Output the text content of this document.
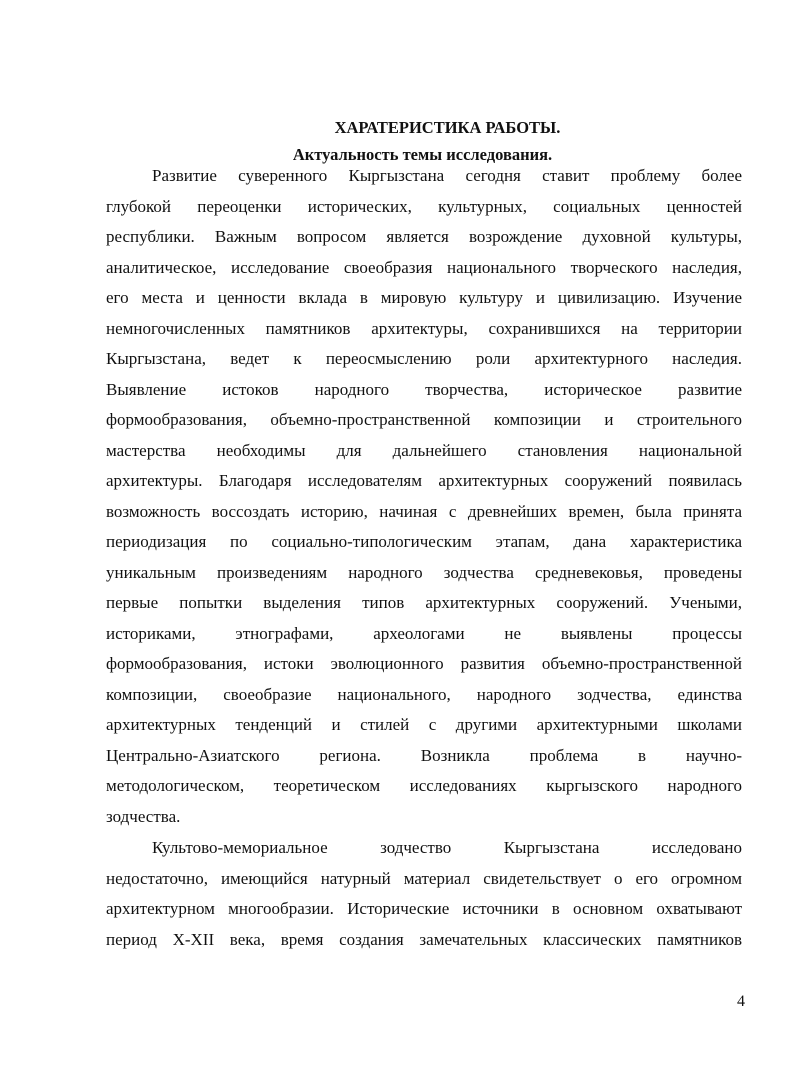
ХАРАТЕРИСТИКА РАБОТЫ.
Актуальность темы исследования.
Развитие суверенного Кыргызстана сегодня ставит проблему более
глубокой переоценки исторических, культурных, социальных ценностей
республики. Важным вопросом является возрождение духовной культуры,
аналитическое, исследование своеобразия национального творческого наследия,
его места и ценности вклада в мировую культуру и цивилизацию. Изучение
немногочисленных памятников архитектуры, сохранившихся на территории
Кыргызстана, ведет к переосмыслению роли архитектурного наследия.
Выявление истоков народного творчества, историческое развитие
формообразования, объемно-пространственной композиции и строительного
мастерства необходимы для дальнейшего становления национальной
архитектуры. Благодаря исследователям архитектурных сооружений появилась
возможность воссоздать историю, начиная с древнейших времен, была принята
периодизация по социально-типологическим этапам, дана характеристика
уникальным произведениям народного зодчества средневековья, проведены
первые попытки выделения типов архитектурных сооружений. Учеными,
историками, этнографами, археологами не выявлены процессы
формообразования, истоки эволюционного развития объемно-пространственной
композиции, своеобразие национального, народного зодчества, единства
архитектурных тенденций и стилей с другими архитектурными школами
Центрально-Азиатского региона. Возникла проблема в научно-
методологическом, теоретическом исследованиях кыргызского народного
зодчества.
Культово-мемориальное зодчество Кыргызстана исследовано
недостаточно, имеющийся натурный материал свидетельствует о его огромном
архитектурном многообразии. Исторические источники в основном охватывают
период X-XII века, время создания замечательных классических памятников
4
